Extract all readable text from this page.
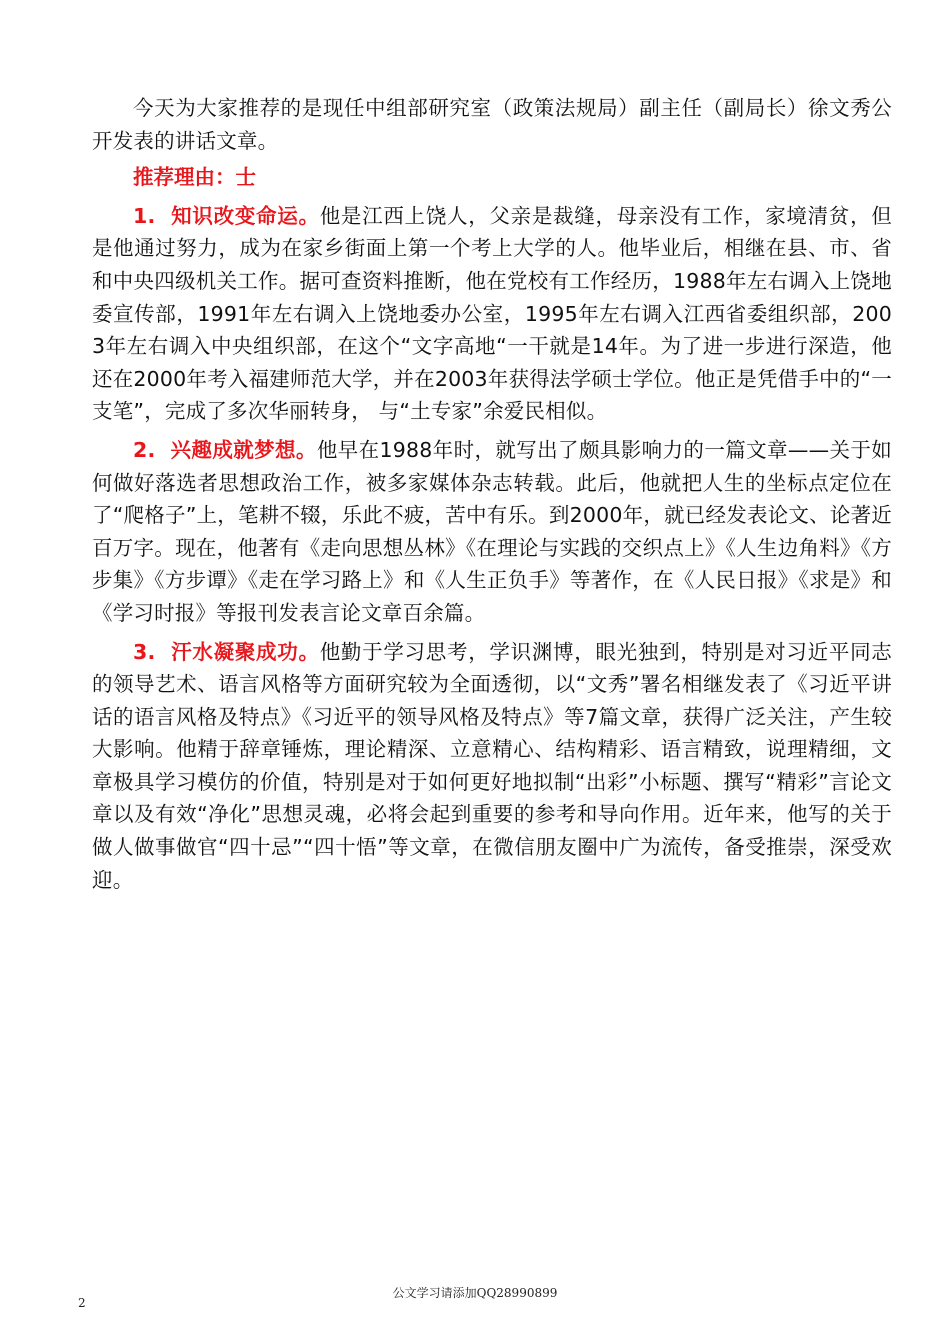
今天为大家推荐的是现任中组部研究室（政策法规局）副主任（副局长）徐文秀公开发表的讲话文章。

推荐理由：士

1. 知识改变命运。他是江西上饶人，父亲是裁缝，母亲没有工作，家境清贫，但是他通过努力，成为在家乡街面上第一个考上大学的人。他毕业后，相继在县、市、省和中央四级机关工作。据可查资料推断，他在党校有工作经历，1988年左右调入上饶地委宣传部，1991年左右调入上饶地委办公室，1995年左右调入江西省委组织部，2003年左右调入中央组织部，在这个“文字高地“一干就是14年。为了进一步进行深造，他还在2000年考入福建师范大学，并在2003年获得法学硕士学位。他正是凭借手中的“一支笔”，完成了多次华丽转身， 与“土专家”余爱民相似。

2. 兴趣成就梦想。他早在1988年时，就写出了颇具影响力的一篇文章——关于如何做好落选者思想政治工作，被多家媒体杂志转载。此后，他就把人生的坐标点定位在了“爬格子”上，笔耕不辍，乐此不疲，苦中有乐。到2000年，就已经发表论文、论著近百万字。现在，他著有《走向思想丛林》《在理论与实践的交织点上》《人生边角料》《方步集》《方步谭》《走在学习路上》和《人生正负手》等著作，在《人民日报》《求是》和《学习时报》等报刊发表言论文章百余篇。

3. 汗水凝聚成功。他勤于学习思考，学识渊博，眼光独到，特别是对习近平同志的领导艺术、语言风格等方面研究较为全面透彻，以“文秀”署名相继发表了《习近平讲话的语言风格及特点》《习近平的领导风格及特点》等7篇文章，获得广泛关注，产生较大影响。他精于辞章锤炼，理论精深、立意精心、结构精彩、语言精致，说理精细，文章极具学习模仿的价值，特别是对于如何更好地拟制“出彩”小标题、撰写“精彩”言论文章以及有效“净化”思想灵魂，必将会起到重要的参考和导向作用。近年来，他写的关于做人做事做官“四十忌”“四十悟”等文章，在微信朋友圈中广为流传，备受推崇，深受欢迎。

2
公文学习请添加QQ28990899
